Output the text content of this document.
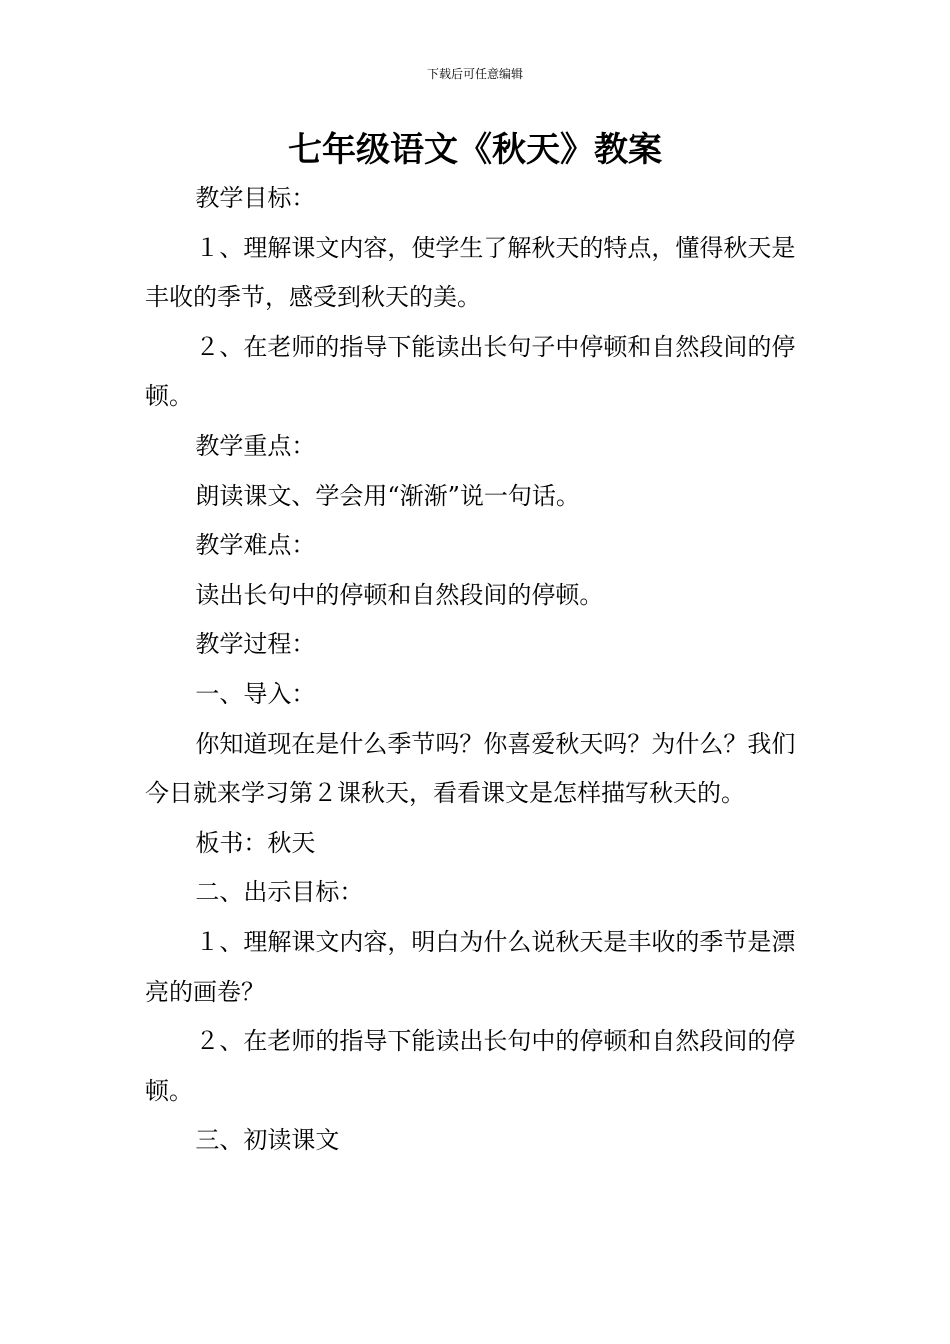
下载后可任意编辑
七年级语文《秋天》教案

教学目标：

１、理解课文内容，使学生了解秋天的特点，懂得秋天是丰收的季节，感受到秋天的美。

２、在老师的指导下能读出长句子中停顿和自然段间的停顿。

教学重点：

朗读课文、学会用“渐渐”说一句话。

教学难点：

读出长句中的停顿和自然段间的停顿。

教学过程：

一、导入：

你知道现在是什么季节吗？你喜爱秋天吗？为什么？我们今日就来学习第２课秋天，看看课文是怎样描写秋天的。

板书：秋天

二、出示目标：

１、理解课文内容，明白为什么说秋天是丰收的季节是漂亮的画卷？

２、在老师的指导下能读出长句中的停顿和自然段间的停顿。

三、初读课文
